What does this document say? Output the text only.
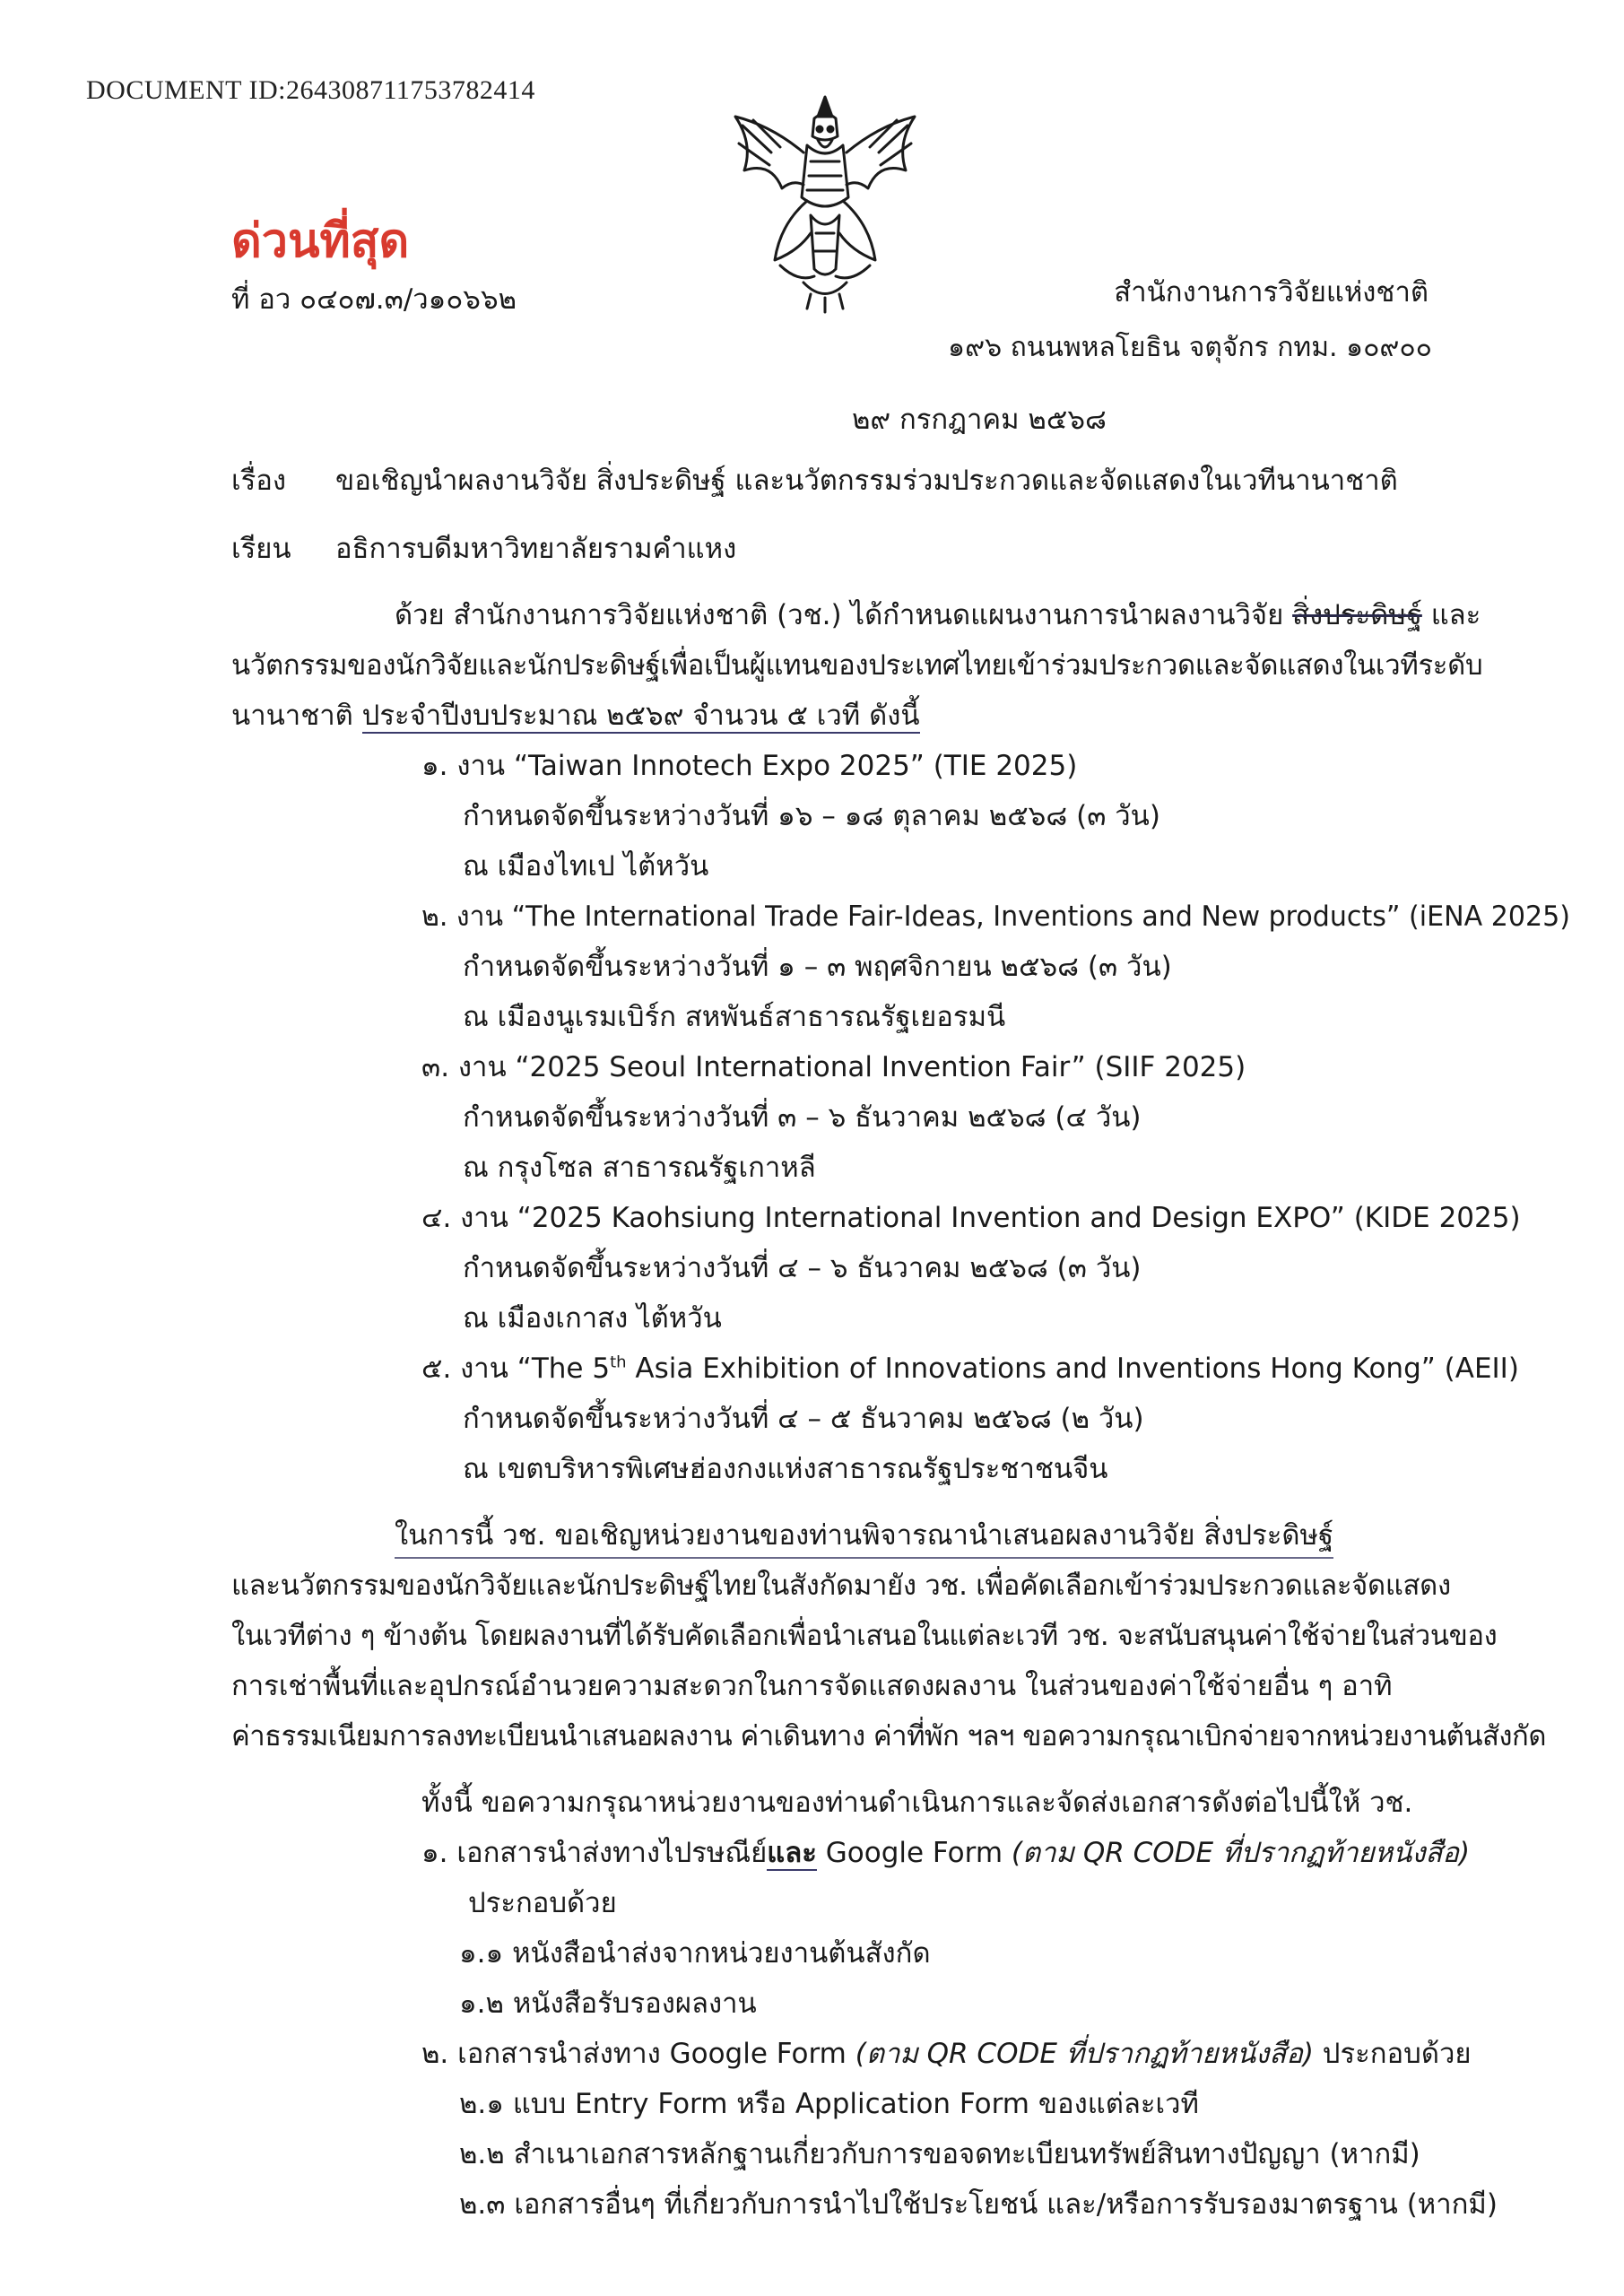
DOCUMENT ID:264308711753782414
ด่วนที่สุด
ที่ อว ๐๔๐๗.๓/ว๑๐๖๖๒	สำนักงานการวิจัยแห่งชาติ
๑๙๖ ถนนพหลโยธิน จตุจักร กทม. ๑๐๙๐๐
๒๙ กรกฎาคม ๒๕๖๘
เรื่อง ขอเชิญนำผลงานวิจัย สิ่งประดิษฐ์ และนวัตกรรมร่วมประกวดและจัดแสดงในเวทีนานาชาติ
เรียน อธิการบดีมหาวิทยาลัยรามคำแหง
ด้วย สำนักงานการวิจัยแห่งชาติ (วช.) ได้กำหนดแผนงานการนำผลงานวิจัย สิ่งประดิษฐ์ และ
นวัตกรรมของนักวิจัยและนักประดิษฐ์เพื่อเป็นผู้แทนของประเทศไทยเข้าร่วมประกวดและจัดแสดงในเวทีระดับ
นานาชาติ ประจำปีงบประมาณ ๒๕๖๙ จำนวน ๕ เวที ดังนี้
๑. งาน “Taiwan Innotech Expo 2025” (TIE 2025)
กำหนดจัดขึ้นระหว่างวันที่ ๑๖ – ๑๘ ตุลาคม ๒๕๖๘ (๓ วัน)
ณ เมืองไทเป ไต้หวัน
๒. งาน “The International Trade Fair-Ideas, Inventions and New products” (iENA 2025)
กำหนดจัดขึ้นระหว่างวันที่ ๑ – ๓ พฤศจิกายน ๒๕๖๘ (๓ วัน)
ณ เมืองนูเรมเบิร์ก สหพันธ์สาธารณรัฐเยอรมนี
๓. งาน “2025 Seoul International Invention Fair” (SIIF 2025)
กำหนดจัดขึ้นระหว่างวันที่ ๓ – ๖ ธันวาคม ๒๕๖๘ (๔ วัน)
ณ กรุงโซล สาธารณรัฐเกาหลี
๔. งาน “2025 Kaohsiung International Invention and Design EXPO” (KIDE 2025)
กำหนดจัดขึ้นระหว่างวันที่ ๔ – ๖ ธันวาคม ๒๕๖๘ (๓ วัน)
ณ เมืองเกาสง ไต้หวัน
๕. งาน “The 5th Asia Exhibition of Innovations and Inventions Hong Kong” (AEII)
กำหนดจัดขึ้นระหว่างวันที่ ๔ – ๕ ธันวาคม ๒๕๖๘ (๒ วัน)
ณ เขตบริหารพิเศษฮ่องกงแห่งสาธารณรัฐประชาชนจีน
ในการนี้ วช. ขอเชิญหน่วยงานของท่านพิจารณานำเสนอผลงานวิจัย สิ่งประดิษฐ์
และนวัตกรรมของนักวิจัยและนักประดิษฐ์ไทยในสังกัดมายัง วช. เพื่อคัดเลือกเข้าร่วมประกวดและจัดแสดง
ในเวทีต่าง ๆ ข้างต้น โดยผลงานที่ได้รับคัดเลือกเพื่อนำเสนอในแต่ละเวที วช. จะสนับสนุนค่าใช้จ่ายในส่วนของ
การเช่าพื้นที่และอุปกรณ์อำนวยความสะดวกในการจัดแสดงผลงาน ในส่วนของค่าใช้จ่ายอื่น ๆ อาทิ
ค่าธรรมเนียมการลงทะเบียนนำเสนอผลงาน ค่าเดินทาง ค่าที่พัก ฯลฯ ขอความกรุณาเบิกจ่ายจากหน่วยงานต้นสังกัด
ทั้งนี้ ขอความกรุณาหน่วยงานของท่านดำเนินการและจัดส่งเอกสารดังต่อไปนี้ให้ วช.
๑. เอกสารนำส่งทางไปรษณีย์และ Google Form (ตาม QR CODE ที่ปรากฏท้ายหนังสือ)
ประกอบด้วย
๑.๑ หนังสือนำส่งจากหน่วยงานต้นสังกัด
๑.๒ หนังสือรับรองผลงาน
๒. เอกสารนำส่งทาง Google Form (ตาม QR CODE ที่ปรากฏท้ายหนังสือ) ประกอบด้วย
๒.๑ แบบ Entry Form หรือ Application Form ของแต่ละเวที
๒.๒ สำเนาเอกสารหลักฐานเกี่ยวกับการขอจดทะเบียนทรัพย์สินทางปัญญา (หากมี)
๒.๓ เอกสารอื่นๆ ที่เกี่ยวกับการนำไปใช้ประโยชน์ และ/หรือการรับรองมาตรฐาน (หากมี)
